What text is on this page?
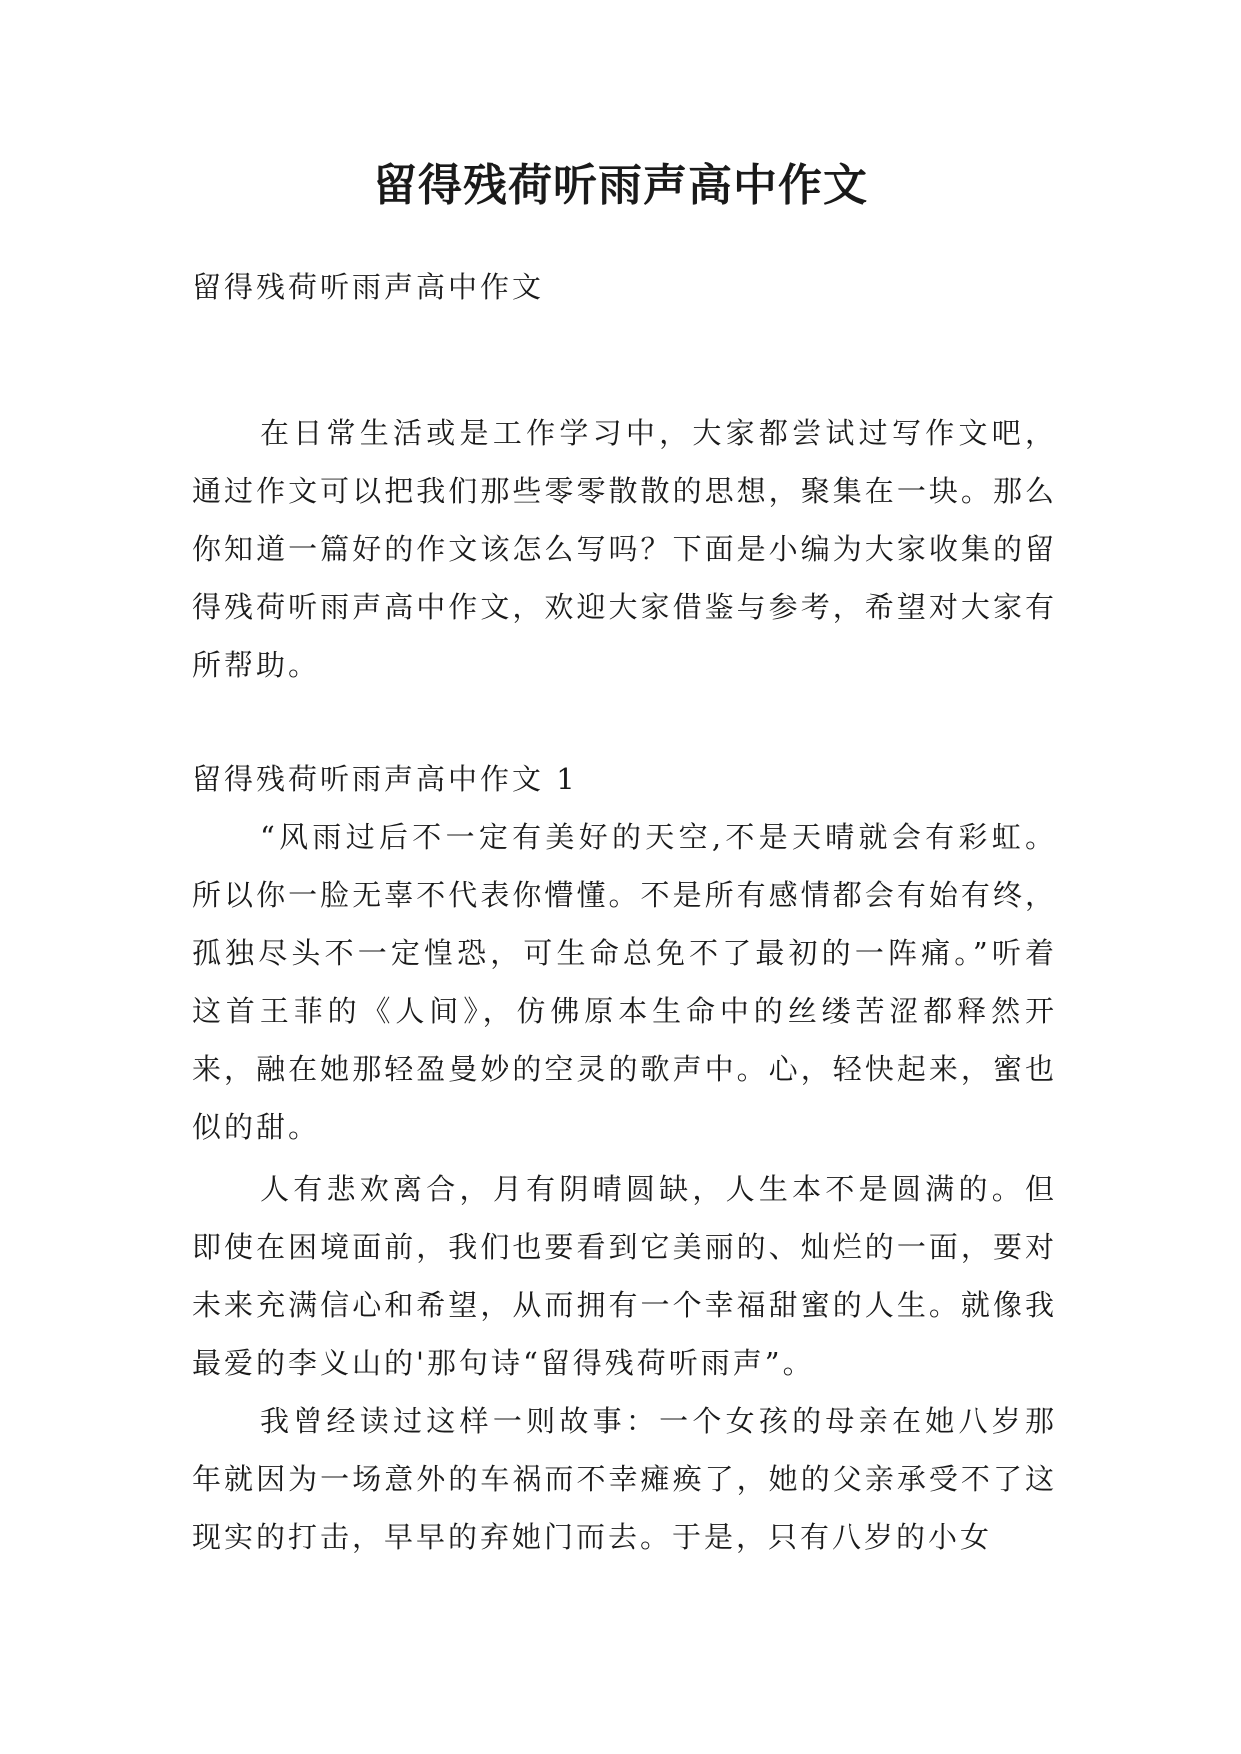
留得残荷听雨声高中作文

留得残荷听雨声高中作文

在日常生活或是工作学习中，大家都尝试过写作文吧，通过作文可以把我们那些零零散散的思想，聚集在一块。那么你知道一篇好的作文该怎么写吗？下面是小编为大家收集的留得残荷听雨声高中作文，欢迎大家借鉴与参考，希望对大家有所帮助。

留得残荷听雨声高中作文 1

“风雨过后不一定有美好的天空,不是天晴就会有彩虹。所以你一脸无辜不代表你懵懂。不是所有感情都会有始有终，孤独尽头不一定惶恐，可生命总免不了最初的一阵痛。”听着这首王菲的《人间》，仿佛原本生命中的丝缕苦涩都释然开来，融在她那轻盈曼妙的空灵的歌声中。心，轻快起来，蜜也似的甜。

人有悲欢离合，月有阴晴圆缺，人生本不是圆满的。但即使在困境面前，我们也要看到它美丽的、灿烂的一面，要对未来充满信心和希望，从而拥有一个幸福甜蜜的人生。就像我最爱的李义山的'那句诗“留得残荷听雨声”。

我曾经读过这样一则故事：一个女孩的母亲在她八岁那年就因为一场意外的车祸而不幸瘫痪了，她的父亲承受不了这现实的打击，早早的弃她门而去。于是，只有八岁的小女
